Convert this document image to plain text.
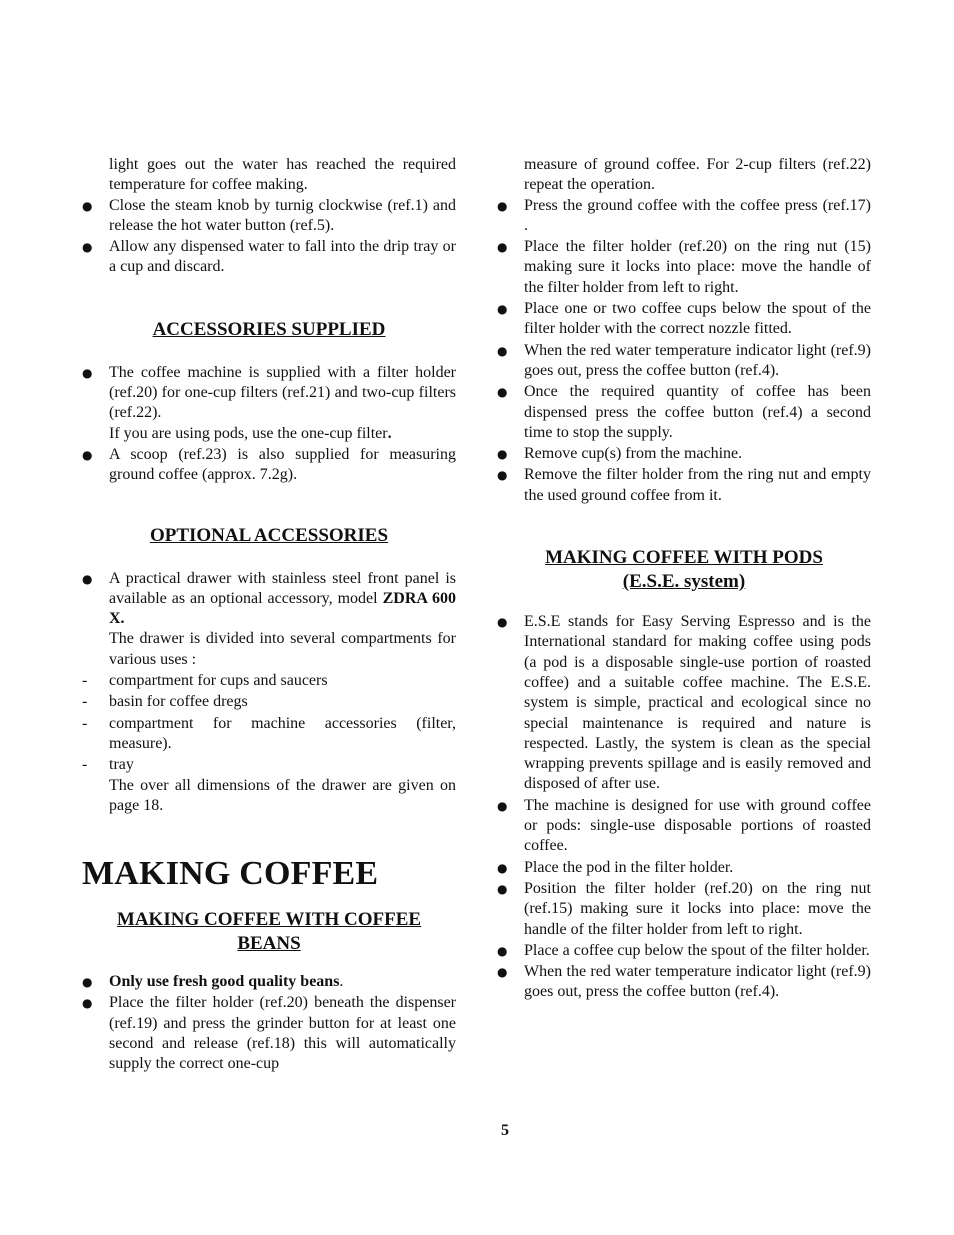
light goes out the water has reached the required temperature for coffee making.

● Close the steam knob by turnig clockwise (ref.1) and release the hot water button (ref.5).
● Allow any dispensed water to fall into the drip tray or a cup and discard.
ACCESSORIES SUPPLIED
● The coffee machine is supplied with a filter holder (ref.20) for one-cup filters (ref.21) and two-cup filters (ref.22).
If you are using pods, use the one-cup filter.
● A scoop (ref.23) is also supplied for measuring ground coffee (approx. 7.2g).
OPTIONAL ACCESSORIES
● A practical drawer with stainless steel front panel is available as an optional accessory, model ZDRA 600 X.
The drawer is divided into several compartments for various uses :
-	compartment for cups and saucers
-	basin for coffee dregs
-	compartment for machine accessories (filter, measure).
-	tray
The over all dimensions of the drawer are given on page 18.
MAKING COFFEE
MAKING COFFEE WITH COFFEE
BEANS
● Only use fresh good quality beans.
● Place the filter holder (ref.20) beneath the dispenser (ref.19) and press the grinder button for at least one second and release (ref.18) this will automatically supply the correct one-cup

measure of ground coffee. For 2-cup filters (ref.22) repeat the operation.

● Press the ground coffee with the coffee press (ref.17) .
● Place the filter holder (ref.20) on the ring nut (15) making sure it locks into place: move the handle of the filter holder from left to right.
● Place one or two coffee cups below the spout of the filter holder with the correct nozzle fitted.
● When the red water temperature indicator light (ref.9) goes out, press the coffee button (ref.4).
● Once the required quantity of coffee has been dispensed press the coffee button (ref.4) a second time to stop the supply.
● Remove cup(s) from the machine.
● Remove the filter holder from the ring nut and empty the used ground coffee from it.
MAKING COFFEE WITH PODS
(E.S.E. system)
● E.S.E stands for Easy Serving Espresso and is the International standard for making coffee using pods (a pod is a disposable single-use portion of roasted coffee) and a suitable coffee machine. The E.S.E. system is simple, practical and ecological since no special maintenance is required and nature is respected. Lastly, the system is clean as the special wrapping prevents spillage and is easily removed and disposed of after use.
● The machine is designed for use with ground coffee or pods: single-use disposable portions of roasted coffee.
● Place the pod in the filter holder.
● Position the filter holder (ref.20) on the ring nut (ref.15) making sure it locks into place: move the handle of the filter holder from left to right.
● Place a coffee cup below the spout of the filter holder.
● When the red water temperature indicator light (ref.9) goes out, press the coffee button (ref.4).
5
